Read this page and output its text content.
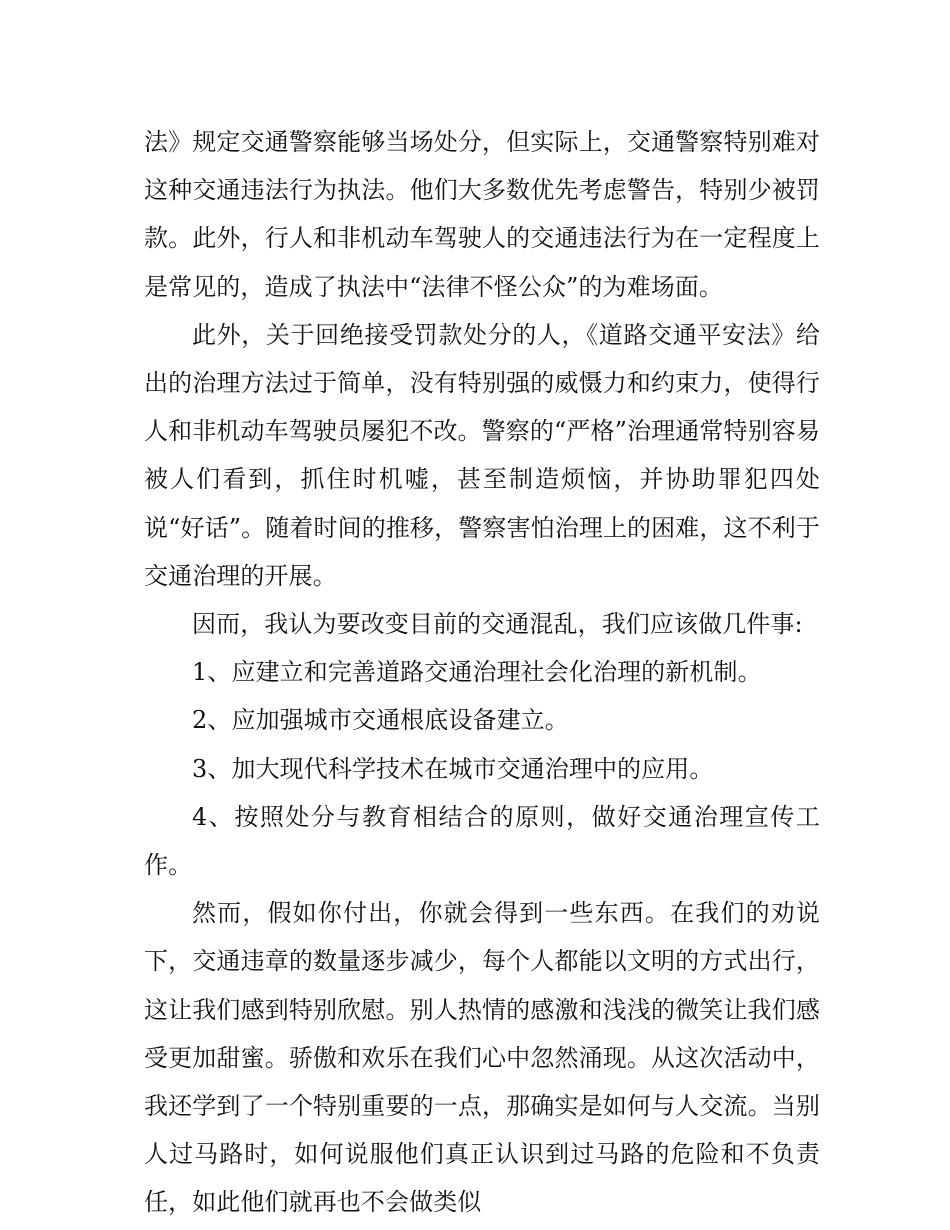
法》规定交通警察能够当场处分，但实际上，交通警察特别难对这种交通违法行为执法。他们大多数优先考虑警告，特别少被罚款。此外，行人和非机动车驾驶人的交通违法行为在一定程度上是常见的，造成了执法中“法律不怪公众”的为难场面。

此外，关于回绝接受罚款处分的人，《道路交通平安法》给出的治理方法过于简单，没有特别强的威慑力和约束力，使得行人和非机动车驾驶员屡犯不改。警察的“严格”治理通常特别容易被人们看到，抓住时机嘘，甚至制造烦恼，并协助罪犯四处说“好话”。随着时间的推移，警察害怕治理上的困难，这不利于交通治理的开展。

因而，我认为要改变目前的交通混乱，我们应该做几件事:

1、应建立和完善道路交通治理社会化治理的新机制。

2、应加强城市交通根底设备建立。

3、加大现代科学技术在城市交通治理中的应用。

4、按照处分与教育相结合的原则，做好交通治理宣传工作。

然而，假如你付出，你就会得到一些东西。在我们的劝说下，交通违章的数量逐步减少，每个人都能以文明的方式出行，这让我们感到特别欣慰。别人热情的感激和浅浅的微笑让我们感受更加甜蜜。骄傲和欢乐在我们心中忽然涌现。从这次活动中，我还学到了一个特别重要的一点，那确实是如何与人交流。当别人过马路时，如何说服他们真正认识到过马路的危险和不负责任，如此他们就再也不会做类似
